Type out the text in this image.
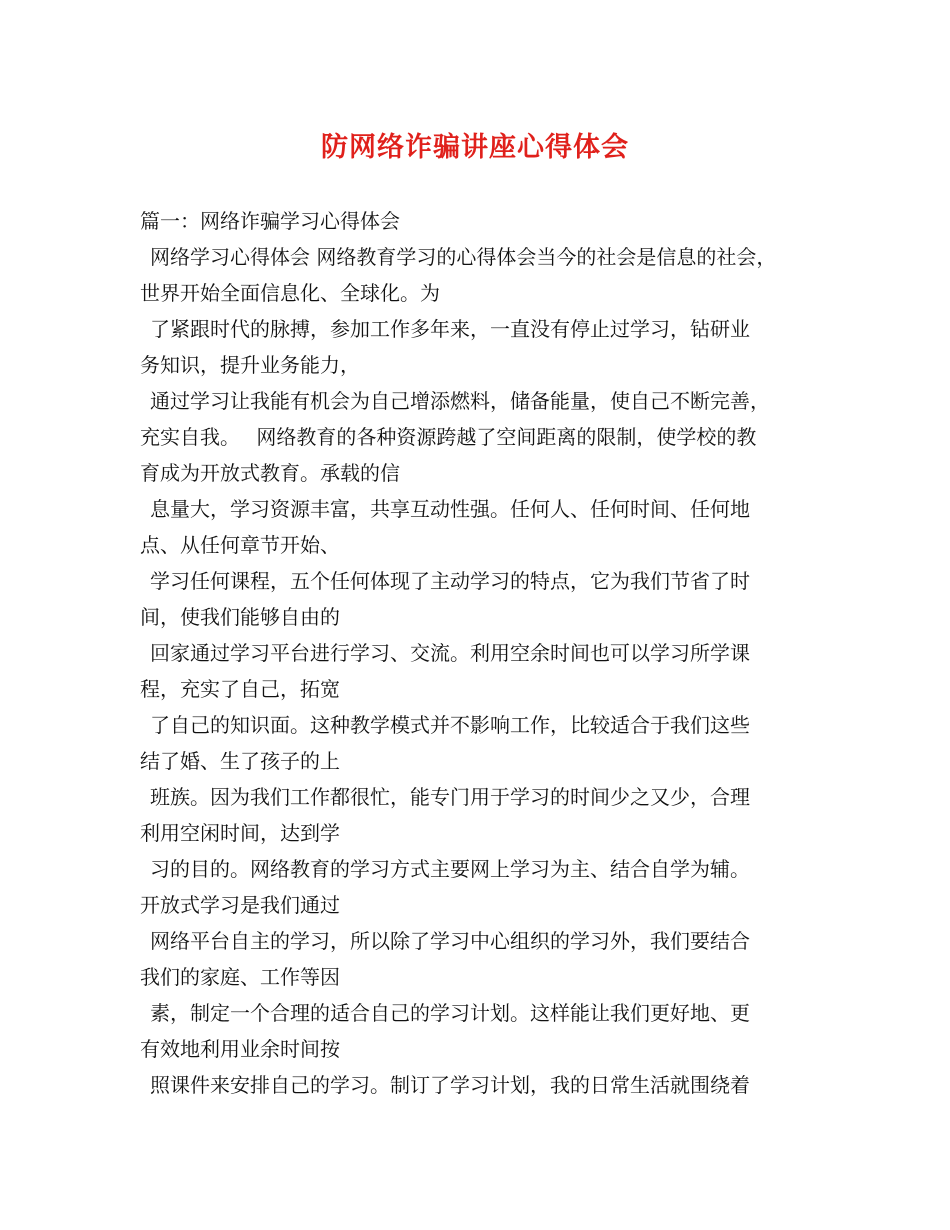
防网络诈骗讲座心得体会
篇一：网络诈骗学习心得体会
网络学习心得体会 网络教育学习的心得体会当今的社会是信息的社会，
世界开始全面信息化、全球化。为
了紧跟时代的脉搏，参加工作多年来，一直没有停止过学习，钻研业
务知识，提升业务能力，
通过学习让我能有机会为自己增添燃料，储备能量，使自己不断完善，
充实自我。　 网络教育的各种资源跨越了空间距离的限制，使学校的教
育成为开放式教育。承载的信
息量大，学习资源丰富，共享互动性强。任何人、任何时间、任何地
点、从任何章节开始、
学习任何课程，五个任何体现了主动学习的特点，它为我们节省了时
间，使我们能够自由的
回家通过学习平台进行学习、交流。利用空余时间也可以学习所学课
程，充实了自己，拓宽
了自己的知识面。这种教学模式并不影响工作，比较适合于我们这些
结了婚、生了孩子的上
班族。因为我们工作都很忙，能专门用于学习的时间少之又少，合理
利用空闲时间，达到学
习的目的。网络教育的学习方式主要网上学习为主、结合自学为辅。
开放式学习是我们通过
网络平台自主的学习，所以除了学习中心组织的学习外，我们要结合
我们的家庭、工作等因
素，制定一个合理的适合自己的学习计划。这样能让我们更好地、更
有效地利用业余时间按
照课件来安排自己的学习。制订了学习计划，我的日常生活就围绕着
